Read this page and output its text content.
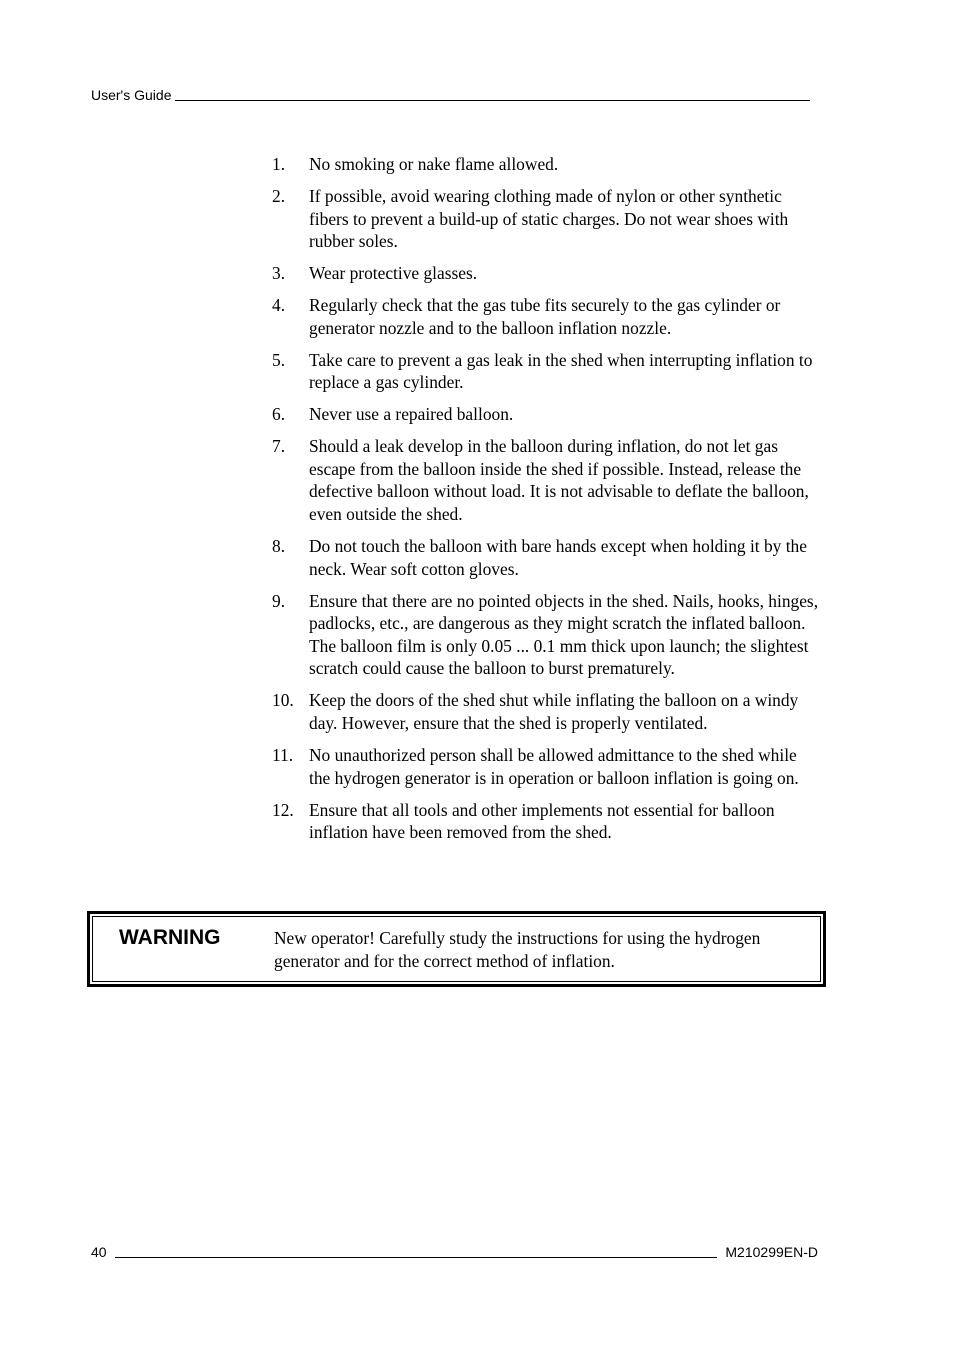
User's Guide
1.	No smoking or nake flame allowed.
2.	If possible, avoid wearing clothing made of nylon or other synthetic fibers to prevent a build-up of static charges. Do not wear shoes with rubber soles.
3.	Wear protective glasses.
4.	Regularly check that the gas tube fits securely to the gas cylinder or generator nozzle and to the balloon inflation nozzle.
5.	Take care to prevent a gas leak in the shed when interrupting inflation to replace a gas cylinder.
6.	Never use a repaired balloon.
7.	Should a leak develop in the balloon during inflation, do not let gas escape from the balloon inside the shed if possible. Instead, release the defective balloon without load. It is not advisable to deflate the balloon, even outside the shed.
8.	Do not touch the balloon with bare hands except when holding it by the neck. Wear soft cotton gloves.
9.	Ensure that there are no pointed objects in the shed. Nails, hooks, hinges, padlocks, etc., are dangerous as they might scratch the inflated balloon. The balloon film is only 0.05 ... 0.1 mm thick upon launch; the slightest scratch could cause the balloon to burst prematurely.
10. Keep the doors of the shed shut while inflating the balloon on a windy day. However, ensure that the shed is properly ventilated.
11. No unauthorized person shall be allowed admittance to the shed while the hydrogen generator is in operation or balloon inflation is going on.
12. Ensure that all tools and other implements not essential for balloon inflation have been removed from the shed.
WARNING	New operator! Carefully study the instructions for using the hydrogen generator and for the correct method of inflation.
40	M210299EN-D
